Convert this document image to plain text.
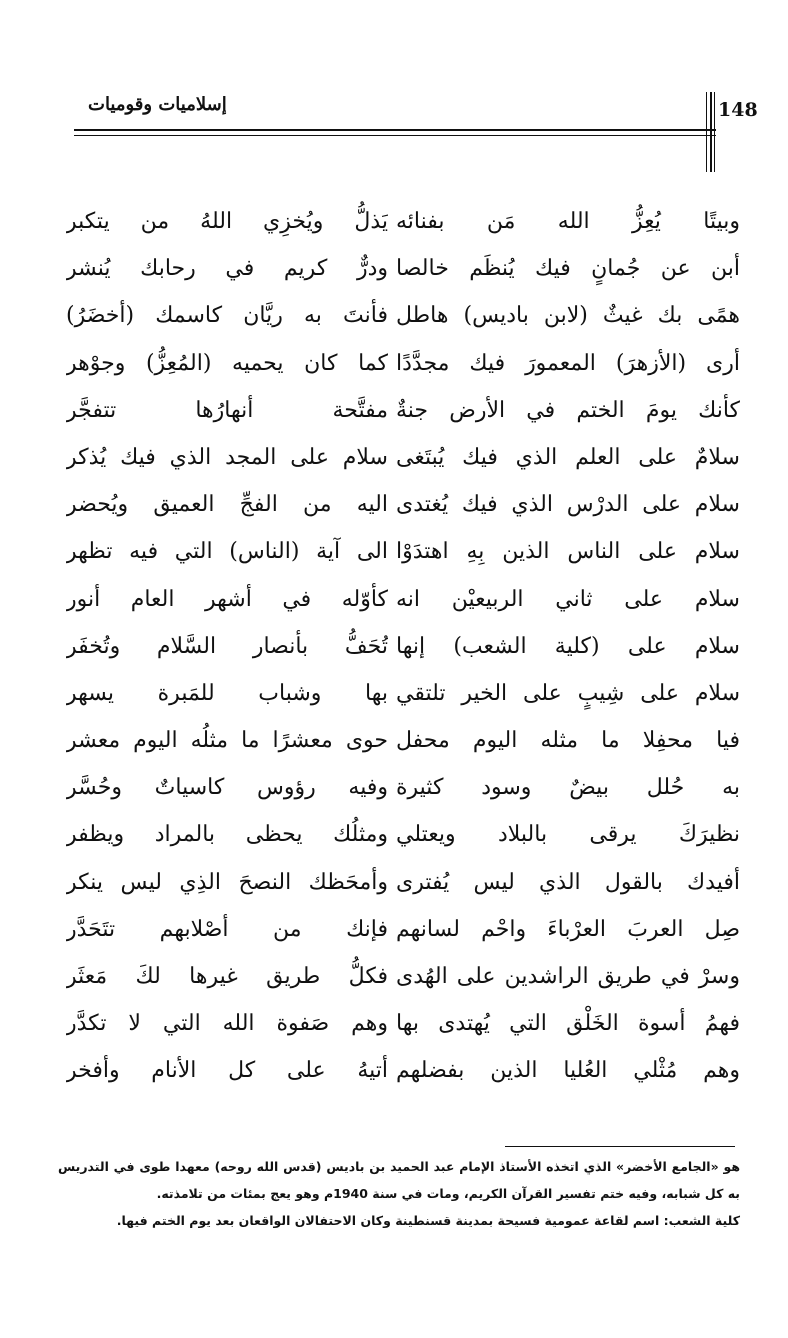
إسلاميات وقوميات	148
وبيتًا يُعِزُّ الله مَن بفنائه
أبن عن جُمانٍ فيك يُنظَم خالصا
همًى بك غيثٌ (لابن باديس) هاطل
أرى (الأزهرَ) المعمورَ فيك مجدَّدًا
كأنك يومَ الختم في الأرض جنةٌ
سلامٌ على العلم الذي فيك يُبتَغى
سلام على الدرْس الذي فيك يُغتدى
سلام على الناس الذين بِهِ اهتدَوْا
سلام على ثاني الربيعيْن انه
سلام على (كلية الشعب) إنها
سلام على شِيبٍ على الخير تلتقي
فيا محفِلا ما مثله اليوم محفل
به حُلل بيضٌ وسود كثيرة
نظيرَكَ يرقى بالبلاد ويعتلي
أفيدك بالقول الذي ليس يُفترى
صِل العربَ العرْباءَ واحْم لسانهم
وسرْ في طريق الراشدين على الهُدى
فهمُ أسوة الخَلْق التي يُهتدى بها
وهم مُثْلي العُليا الذين بفضلهم
يَذلُّ ويُخزِي اللهُ من يتكبر
ودرٌّ كريم في رحابك يُنشر
فأنتَ به ريَّان كاسمك (أخضَرُ)
كما كان يحميه (المُعِزُّ) وجوْهر
مفتَّحة أنهارُها تتفجَّر
سلام على المجد الذي فيك يُذكر
اليه من الفجِّ العميق ويُحضر
الى آية (الناس) التي فيه تظهر
كأوّله في أشهر العام أنور
تُحَفُّ بأنصار السَّلام وتُخفَر
بها وشباب للمَبرة يسهر
حوى معشرًا ما مثلُه اليوم معشر
وفيه رؤوس كاسياتٌ وحُسَّر
ومثلُك يحظى بالمراد ويظفر
وأمحَظك النصحَ الذِي ليس ينكر
فإنك من أصْلابهم تتَحَدَّر
فكلُّ طريق غيرها لكَ مَعثَر
وهم صَفوة الله التي لا تكدَّر
أتيهُ على كل الأنام وأفخر

هو «الجامع الأخضر» الذي اتخذه الأستاذ الإمام عبد الحميد بن باديس (قدس الله روحه) معهدا طوى في التدريس به كل شبابه، وفيه ختم تفسير القرآن الكريم، ومات في سنة 1940م وهو يعج بمئات من تلامذته.

كلية الشعب: اسم لقاعة عمومية فسيحة بمدينة قسنطينة وكان الاحتفالان الواقعان بعد يوم الختم فيها.
